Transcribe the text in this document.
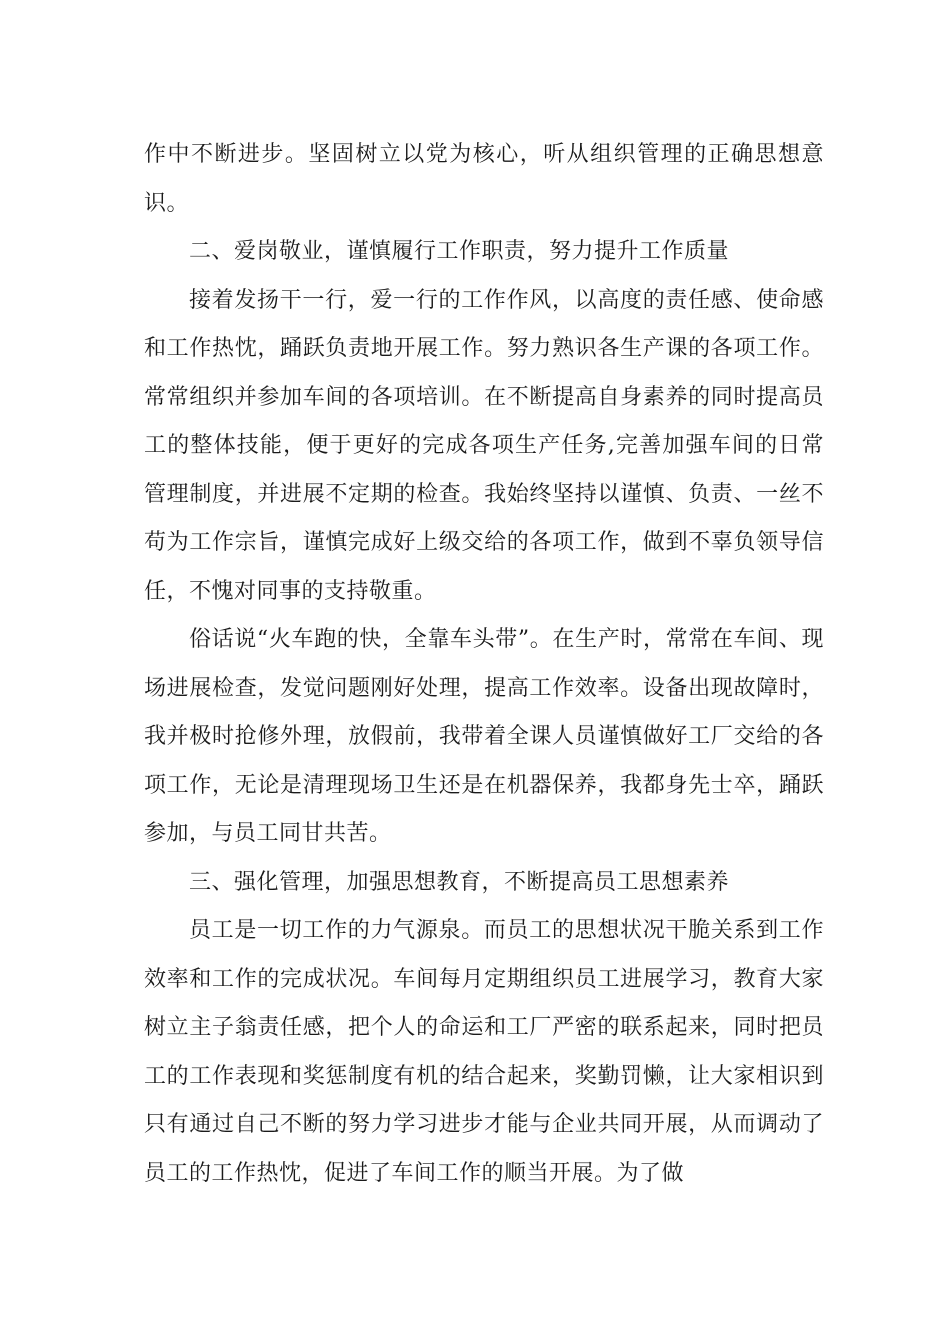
作中不断进步。坚固树立以党为核心，听从组织管理的正确思想意识。

二、爱岗敬业，谨慎履行工作职责，努力提升工作质量

接着发扬干一行，爱一行的工作作风，以高度的责任感、使命感和工作热忱，踊跃负责地开展工作。努力熟识各生产课的各项工作。常常组织并参加车间的各项培训。在不断提高自身素养的同时提高员工的整体技能，便于更好的完成各项生产任务,完善加强车间的日常管理制度，并进展不定期的检查。我始终坚持以谨慎、负责、一丝不苟为工作宗旨，谨慎完成好上级交给的各项工作，做到不辜负领导信任，不愧对同事的支持敬重。

俗话说“火车跑的快，全靠车头带”。在生产时，常常在车间、现场进展检查，发觉问题刚好处理，提高工作效率。设备出现故障时，我并极时抢修外理，放假前，我带着全课人员谨慎做好工厂交给的各项工作，无论是清理现场卫生还是在机器保养，我都身先士卒，踊跃参加，与员工同甘共苦。

三、强化管理，加强思想教育，不断提高员工思想素养

员工是一切工作的力气源泉。而员工的思想状况干脆关系到工作效率和工作的完成状况。车间每月定期组织员工进展学习，教育大家树立主子翁责任感，把个人的命运和工厂严密的联系起来，同时把员工的工作表现和奖惩制度有机的结合起来，奖勤罚懒，让大家相识到只有通过自己不断的努力学习进步才能与企业共同开展，从而调动了员工的工作热忱，促进了车间工作的顺当开展。为了做
